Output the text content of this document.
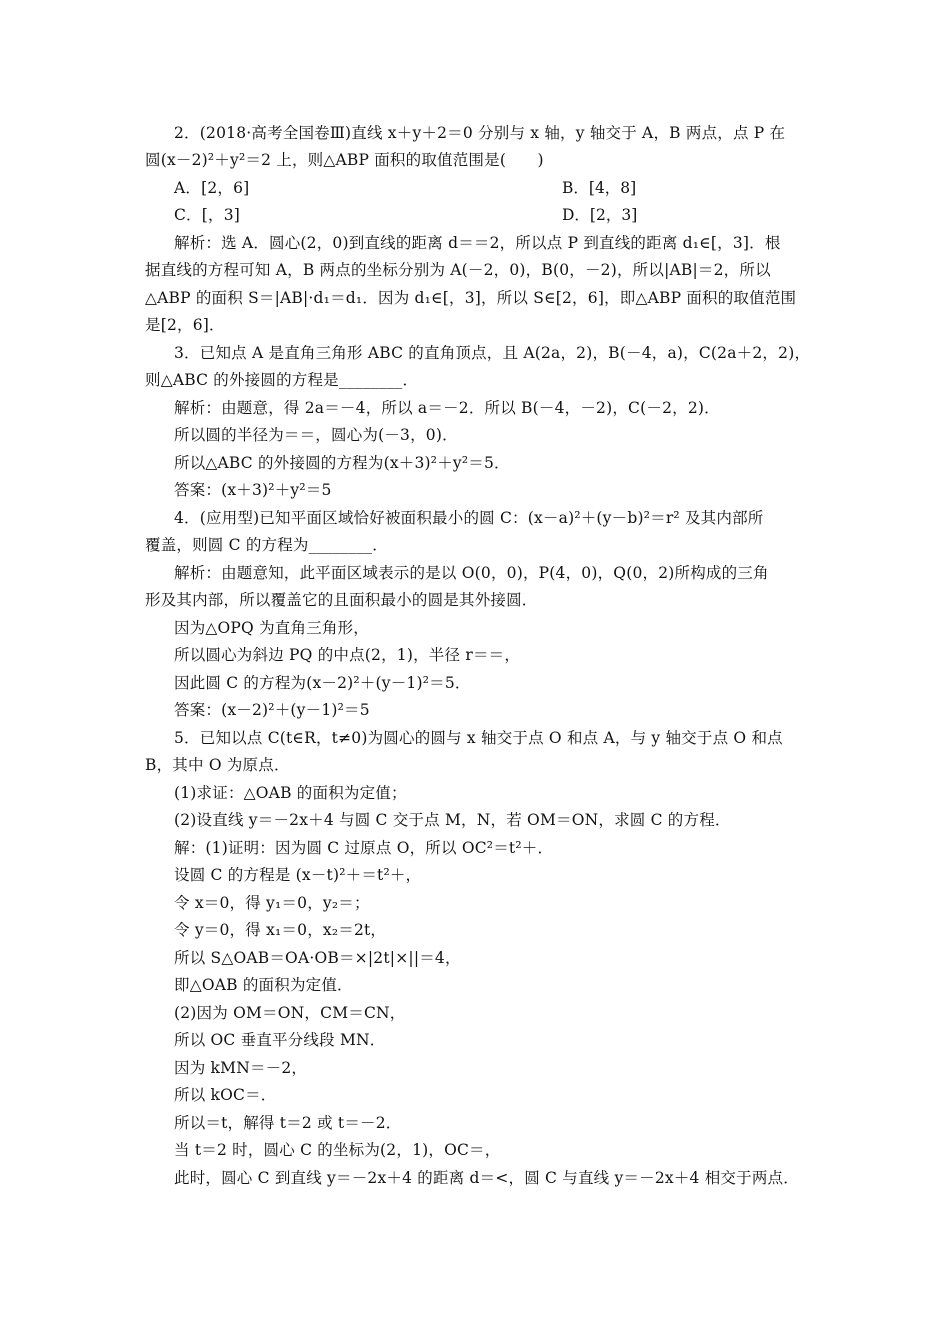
2．(2018·高考全国卷Ⅲ)直线 x＋y＋2＝0 分别与 x 轴，y 轴交于 A，B 两点，点 P 在
圆(x－2)²＋y²＝2 上，则△ABP 面积的取值范围是(　　)
A．[2，6]	B．[4，8]
C．[，3]	D．[2，3]
解析：选 A．圆心(2，0)到直线的距离 d＝＝2，所以点 P 到直线的距离 d₁∈[，3]．根
据直线的方程可知 A，B 两点的坐标分别为 A(－2，0)，B(0，－2)，所以|AB|＝2，所以
△ABP 的面积 S＝|AB|·d₁＝d₁．因为 d₁∈[，3]，所以 S∈[2，6]，即△ABP 面积的取值范围
是[2，6]．
3．已知点 A 是直角三角形 ABC 的直角顶点，且 A(2a，2)，B(－4，a)，C(2a＋2，2)，
则△ABC 的外接圆的方程是________．
解析：由题意，得 2a＝－4，所以 a＝－2．所以 B(－4，－2)，C(－2，2)．
所以圆的半径为＝＝，圆心为(－3，0)．
所以△ABC 的外接圆的方程为(x＋3)²＋y²＝5．
答案：(x＋3)²＋y²＝5
4．(应用型)已知平面区域恰好被面积最小的圆 C：(x－a)²＋(y－b)²＝r² 及其内部所
覆盖，则圆 C 的方程为________．
解析：由题意知，此平面区域表示的是以 O(0，0)，P(4，0)，Q(0，2)所构成的三角
形及其内部，所以覆盖它的且面积最小的圆是其外接圆．
因为△OPQ 为直角三角形，
所以圆心为斜边 PQ 的中点(2，1)，半径 r＝＝，
因此圆 C 的方程为(x－2)²＋(y－1)²＝5．
答案：(x－2)²＋(y－1)²＝5
5．已知以点 C(t∈R，t≠0)为圆心的圆与 x 轴交于点 O 和点 A，与 y 轴交于点 O 和点
B，其中 O 为原点．
(1)求证：△OAB 的面积为定值；
(2)设直线 y＝－2x＋4 与圆 C 交于点 M，N，若 OM＝ON，求圆 C 的方程．
解：(1)证明：因为圆 C 过原点 O，所以 OC²＝t²＋．
设圆 C 的方程是 (x－t)²＋＝t²＋，
令 x＝0，得 y₁＝0，y₂＝；
令 y＝0，得 x₁＝0，x₂＝2t，
所以 S△OAB＝OA·OB＝×|2t|×||＝4，
即△OAB 的面积为定值．
(2)因为 OM＝ON，CM＝CN，
所以 OC 垂直平分线段 MN．
因为 kMN＝－2，
所以 kOC＝．
所以＝t，解得 t＝2 或 t＝－2．
当 t＝2 时，圆心 C 的坐标为(2，1)，OC＝，
此时，圆心 C 到直线 y＝－2x＋4 的距离 d＝<，圆 C 与直线 y＝－2x＋4 相交于两点．
